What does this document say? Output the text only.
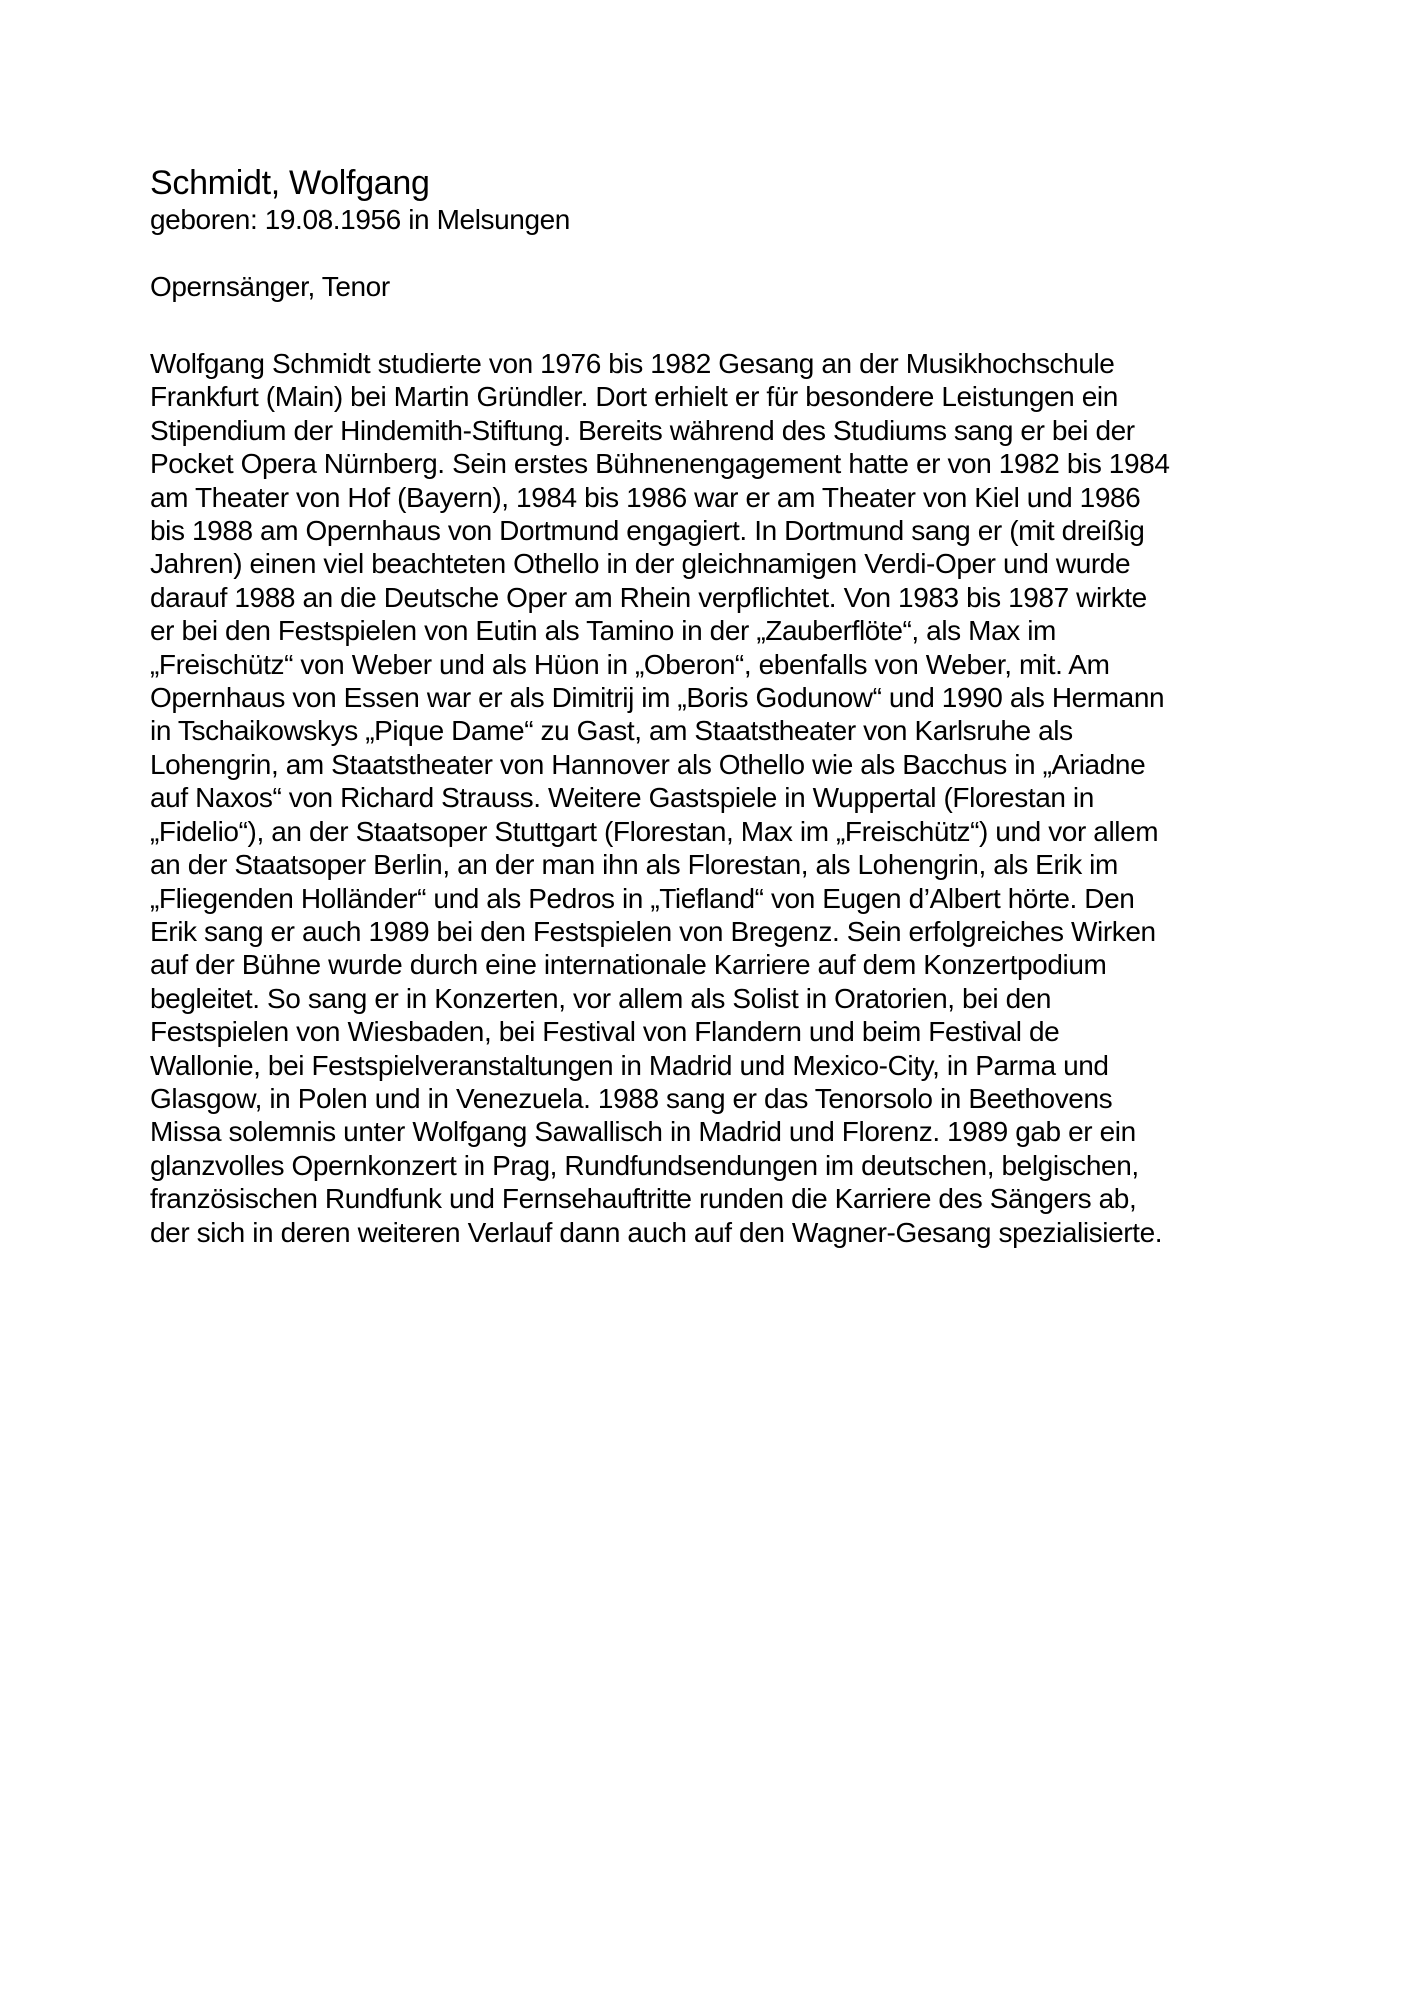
Schmidt, Wolfgang
geboren: 19.08.1956 in Melsungen
Opernsänger, Tenor
Wolfgang Schmidt studierte von 1976 bis 1982 Gesang an der Musikhochschule
Frankfurt (Main) bei Martin Gründler. Dort erhielt er für besondere Leistungen ein
Stipendium der Hindemith-Stiftung. Bereits während des Studiums sang er bei der
Pocket Opera Nürnberg. Sein erstes Bühnenengagement hatte er von 1982 bis 1984
am Theater von Hof (Bayern), 1984 bis 1986 war er am Theater von Kiel und 1986
bis 1988 am Opernhaus von Dortmund engagiert. In Dortmund sang er (mit dreißig
Jahren) einen viel beachteten Othello in der gleichnamigen Verdi-Oper und wurde
darauf 1988 an die Deutsche Oper am Rhein verpflichtet. Von 1983 bis 1987 wirkte
er bei den Festspielen von Eutin als Tamino in der „Zauberflöte“, als Max im
„Freischütz“ von Weber und als Hüon in „Oberon“, ebenfalls von Weber, mit. Am
Opernhaus von Essen war er als Dimitrij im „Boris Godunow“ und 1990 als Hermann
in Tschaikowskys „Pique Dame“ zu Gast, am Staatstheater von Karlsruhe als
Lohengrin, am Staatstheater von Hannover als Othello wie als Bacchus in „Ariadne
auf Naxos“ von Richard Strauss. Weitere Gastspiele in Wuppertal (Florestan in
„Fidelio“), an der Staatsoper Stuttgart (Florestan, Max im „Freischütz“) und vor allem
an der Staatsoper Berlin, an der man ihn als Florestan, als Lohengrin, als Erik im
„Fliegenden Holländer“ und als Pedros in „Tiefland“ von Eugen d’Albert hörte. Den
Erik sang er auch 1989 bei den Festspielen von Bregenz. Sein erfolgreiches Wirken
auf der Bühne wurde durch eine internationale Karriere auf dem Konzertpodium
begleitet. So sang er in Konzerten, vor allem als Solist in Oratorien, bei den
Festspielen von Wiesbaden, bei Festival von Flandern und beim Festival de
Wallonie, bei Festspielveranstaltungen in Madrid und Mexico-City, in Parma und
Glasgow, in Polen und in Venezuela. 1988 sang er das Tenorsolo in Beethovens
Missa solemnis unter Wolfgang Sawallisch in Madrid und Florenz. 1989 gab er ein
glanzvolles Opernkonzert in Prag, Rundfundsendungen im deutschen, belgischen,
französischen Rundfunk und Fernsehauftritte runden die Karriere des Sängers ab,
der sich in deren weiteren Verlauf dann auch auf den Wagner-Gesang spezialisierte.
